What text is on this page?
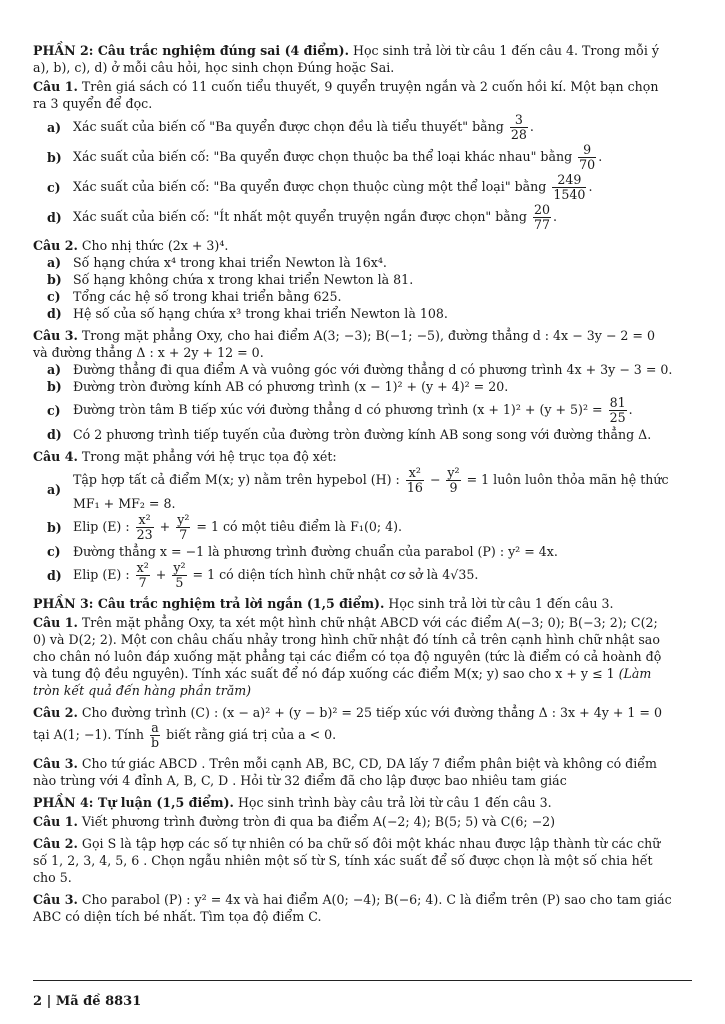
PHẦN 2: Câu trắc nghiệm đúng sai (4 điểm). Học sinh trả lời từ câu 1 đến câu 4. Trong mỗi ý a), b), c), d) ở mỗi câu hỏi, học sinh chọn Đúng hoặc Sai.

Câu 1. Trên giá sách có 11 cuốn tiểu thuyết, 9 quyển truyện ngắn và 2 cuốn hồi kí. Một bạn chọn ra 3 quyển để đọc.

a) Xác suất của biến cố "Ba quyển được chọn đều là tiểu thuyết" bằng $\frac{3}{28}$ .
b) Xác suất của biến cố: "Ba quyển được chọn thuộc ba thể loại khác nhau" bằng $\frac{9}{70}$ .
c) Xác suất của biến cố: "Ba quyển được chọn thuộc cùng một thể loại" bằng $\frac{249}{1540}$ .
d) Xác suất của biến cố: "Ít nhất một quyển truyện ngắn được chọn" bằng $\frac{20}{77}$ .

Câu 2. Cho nhị thức (2x + 3)⁴.

a) Số hạng chứa x⁴ trong khai triển Newton là 16x⁴.
b) Số hạng không chứa x trong khai triển Newton là 81.
c) Tổng các hệ số trong khai triển bằng 625.
d) Hệ số của số hạng chứa x³ trong khai triển Newton là 108.

Câu 3. Trong mặt phẳng Oxy, cho hai điểm A(3; −3); B(−1; −5), đường thẳng d : 4x − 3y − 2 = 0 và đường thẳng Δ : x + 2y + 12 = 0.

a) Đường thẳng đi qua điểm A và vuông góc với đường thẳng d có phương trình 4x + 3y − 3 = 0.
b) Đường tròn đường kính AB có phương trình (x − 1)² + (y + 4)² = 20.
c) Đường tròn tâm B tiếp xúc với đường thẳng d có phương trình $(x + 1)^2 + (y + 5)^2 = \frac{81}{25}$ .
d) Có 2 phương trình tiếp tuyến của đường tròn đường kính AB song song với đường thẳng Δ.

Câu 4. Trong mặt phẳng với hệ trục tọa độ xét:

a)
Tập hợp tất cả điểm M(x; y) nằm trên hypebol (H) : $\frac{\text{x²}}{16} - \frac{\text{y²}}{9} = 1$ luôn luôn thỏa mãn hệ thức
MF₁ + MF₂ = 8.
b) Elip (E) : $\frac{\text{x²}}{23} + \frac{\text{y²}}{7} = 1$ có một tiêu điểm là F₁(0; 4).
c) Đường thẳng x = −1 là phương trình đường chuẩn của parabol (P) : y² = 4x.
d) Elip (E) : $\frac{\text{x²}}{7} + \frac{\text{y²}}{5} = 1$ có diện tích hình chữ nhật cơ sở là 4√35.

PHẦN 3: Câu trắc nghiệm trả lời ngắn (1,5 điểm). Học sinh trả lời từ câu 1 đến câu 3.

Câu 1. Trên mặt phẳng Oxy, ta xét một hình chữ nhật ABCD với các điểm A(−3; 0); B(−3; 2); C(2; 0) và D(2; 2). Một con châu chấu nhảy trong hình chữ nhật đó tính cả trên cạnh hình chữ nhật sao cho chân nó luôn đáp xuống mặt phẳng tại các điểm có tọa độ nguyên (tức là điểm có cả hoành độ và tung độ đều nguyên). Tính xác suất để nó đáp xuống các điểm M(x; y) sao cho x + y ≤ 1 (Làm tròn kết quả đến hàng phần trăm)

Câu 2. Cho đường trình (C) : (x − a)² + (y − b)² = 25 tiếp xúc với đường thẳng Δ : 3x + 4y + 1 = 0 tại A(1; −1). Tính $\frac{a}{b}$ biết rằng giá trị của a < 0.

Câu 3. Cho tứ giác ABCD . Trên mỗi cạnh AB, BC, CD, DA lấy 7 điểm phân biệt và không có điểm nào trùng với 4 đỉnh A, B, C, D . Hỏi từ 32 điểm đã cho lập được bao nhiêu tam giác

PHẦN 4: Tự luận (1,5 điểm). Học sinh trình bày câu trả lời từ câu 1 đến câu 3.

Câu 1. Viết phương trình đường tròn đi qua ba điểm A(−2; 4); B(5; 5) và C(6; −2)

Câu 2. Gọi S là tập hợp các số tự nhiên có ba chữ số đôi một khác nhau được lập thành từ các chữ số 1, 2, 3, 4, 5, 6 . Chọn ngẫu nhiên một số từ S, tính xác suất để số được chọn là một số chia hết cho 5.

Câu 3. Cho parabol (P) : y² = 4x và hai điểm A(0; −4); B(−6; 4). C là điểm trên (P) sao cho tam giác ABC có diện tích bé nhất. Tìm tọa độ điểm C.

2 | Mã đề 8831
